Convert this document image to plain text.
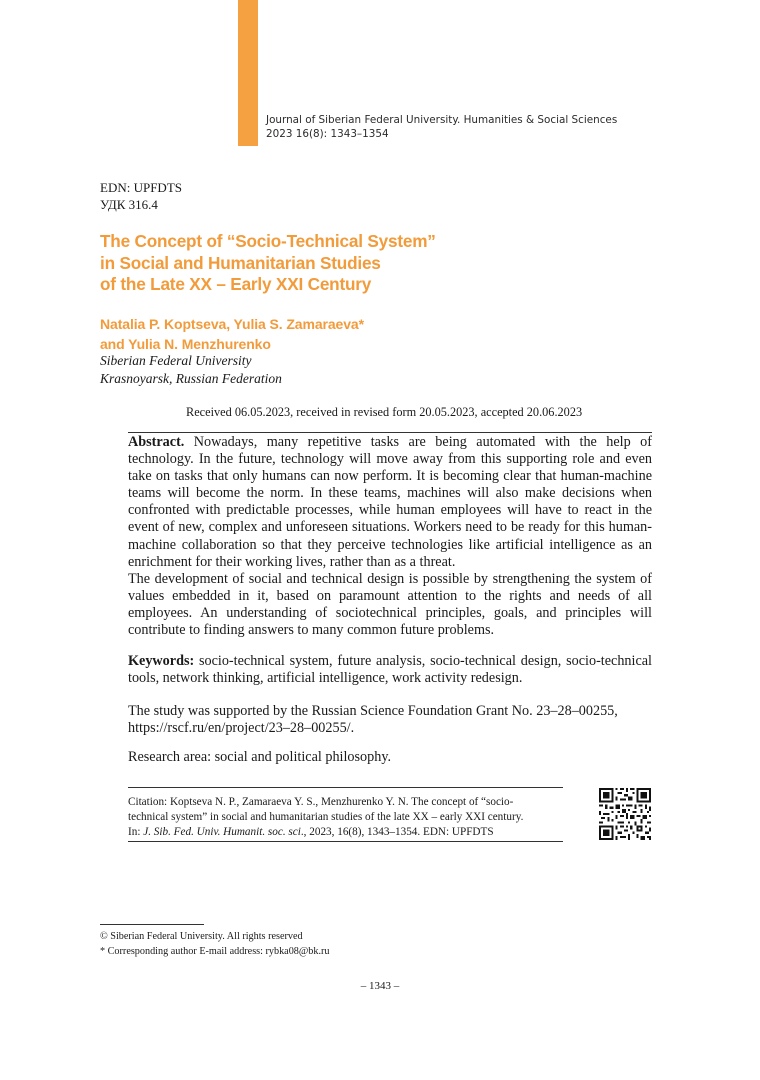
Journal of Siberian Federal University. Humanities & Social Sciences
2023 16(8): 1343–1354
EDN: UPFDTS
УДК 316.4
The Concept of “Socio-Technical System”
in Social and Humanitarian Studies
of the Late XX – Early XXI Century
Natalia P. Koptseva, Yulia S. Zamaraeva*
and Yulia N. Menzhurenko
Siberian Federal University
Krasnoyarsk, Russian Federation
Received 06.05.2023, received in revised form 20.05.2023, accepted 20.06.2023

Abstract. Nowadays, many repetitive tasks are being automated with the help of technology. In the future, technology will move away from this supporting role and even take on tasks that only humans can now perform. It is becoming clear that human-machine teams will become the norm. In these teams, machines will also make decisions when confronted with predictable processes, while human employees will have to react in the event of new, complex and unforeseen situations. Workers need to be ready for this human-machine collaboration so that they perceive technologies like artificial intelligence as an enrichment for their working lives, rather than as a threat.

The development of social and technical design is possible by strengthening the system of values embedded in it, based on paramount attention to the rights and needs of all employees. An understanding of sociotechnical principles, goals, and principles will contribute to finding answers to many common future problems.

Keywords: socio-technical system, future analysis, socio-technical design, socio-technical tools, network thinking, artificial intelligence, work activity redesign.
The study was supported by the Russian Science Foundation Grant No. 23–28–00255,
https://rscf.ru/en/project/23–28–00255/.
Research area: social and political philosophy.
Citation: Koptseva N. P., Zamaraeva Y. S., Menzhurenko Y. N. The concept of “socio-
technical system” in social and humanitarian studies of the late XX – early XXI century.
In: J. Sib. Fed. Univ. Humanit. soc. sci., 2023, 16(8), 1343–1354. EDN: UPFDTS
© Siberian Federal University. All rights reserved
* Corresponding author E-mail address: rybka08@bk.ru
– 1343 –
